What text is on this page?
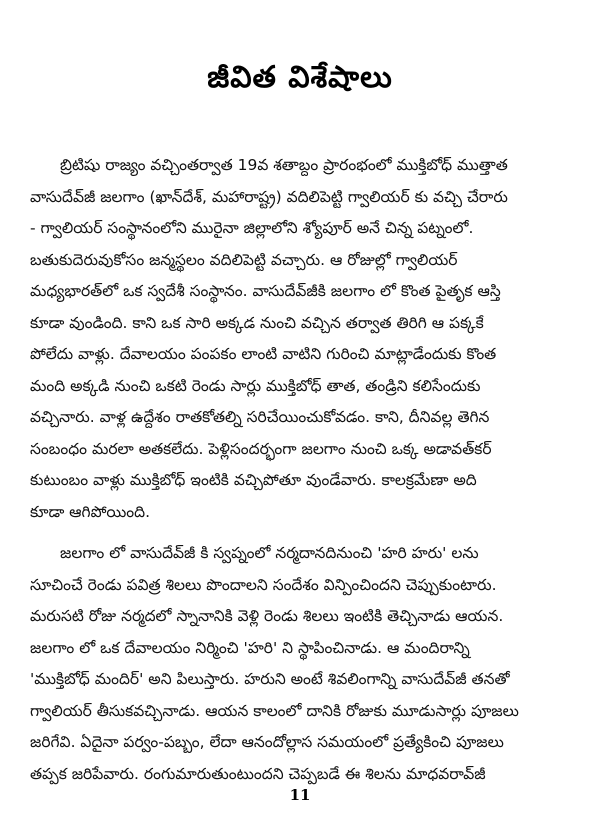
జీవిత విశేషాలు

బ్రిటిషు రాజ్యం వచ్చింతర్వాత 19వ శతాబ్దం ప్రారంభంలో ముక్తిబోధ్ ముత్తాత
వాసుదేవ్‌జీ జలగాం (ఖాన్‌దేశ్, మహారాష్ట్ర) వదిలిపెట్టి గ్వాలియర్ కు వచ్చి చేరారు
- గ్వాలియర్ సంస్థానంలోని మురైనా జిల్లాలోని శ్యోపూర్ అనే చిన్న పట్నంలో.
బతుకుదెరువుకోసం జన్మస్థలం వదిలిపెట్టి వచ్చారు. ఆ రోజుల్లో గ్వాలియర్
మధ్యభారత్‌లో ఒక స్వదేశీ సంస్థానం. వాసుదేవ్‌జీకి జలగాం లో కొంత పైతృక ఆస్తి
కూడా వుండింది. కాని ఒక సారి అక్కడ నుంచి వచ్చిన తర్వాత తిరిగి ఆ పక్కకే
పోలేదు వాళ్లు. దేవాలయం పంపకం లాంటి వాటిని గురించి మాట్లాడేందుకు కొంత
మంది అక్కడి నుంచి ఒకటి రెండు సార్లు ముక్తిబోధ్ తాత, తండ్రిని కలిసేందుకు
వచ్చినారు. వాళ్ల ఉద్దేశం రాతకోతల్ని సరిచేయించుకోవడం. కాని, దీనివల్ల తెగిన
సంబంధం మరలా అతకలేదు. పెళ్లిసందర్భంగా జలగాం నుంచి ఒక్క అడావత్‌కర్
కుటుంబం వాళ్లు ముక్తిబోధ్ ఇంటికి వచ్చిపోతూ వుండేవారు. కాలక్రమేణా అది
కూడా ఆగిపోయింది.

జలగాం లో వాసుదేవ్‌జీ కి స్వప్నంలో నర్మదానదినుంచి 'హరి హరు' లను
సూచించే రెండు పవిత్ర శిలలు పొందాలని సందేశం విన్పించిందని చెప్పుకుంటారు.
మరుసటి రోజు నర్మదలో స్నానానికి వెళ్లి రెండు శిలలు ఇంటికి తెచ్చినాడు ఆయన.
జలగాం లో ఒక దేవాలయం నిర్మించి 'హరి' ని స్థాపించినాడు. ఆ మందిరాన్ని
'ముక్తిబోధ్ మందిర్' అని పిలుస్తారు. హరుని అంటే శివలింగాన్ని వాసుదేవ్‌జీ తనతో
గ్వాలియర్ తీసుకవచ్చినాడు. ఆయన కాలంలో దానికి రోజుకు మూడుసార్లు పూజలు
జరిగేవి. ఏదైనా పర్వం-పబ్బం, లేదా ఆనందోల్లాస సమయంలో ప్రత్యేకించి పూజలు
తప్పక జరిపేవారు. రంగుమారుతుంటుందని చెప్పబడే ఈ శిలను మాధవరావ్‌జీ

11
